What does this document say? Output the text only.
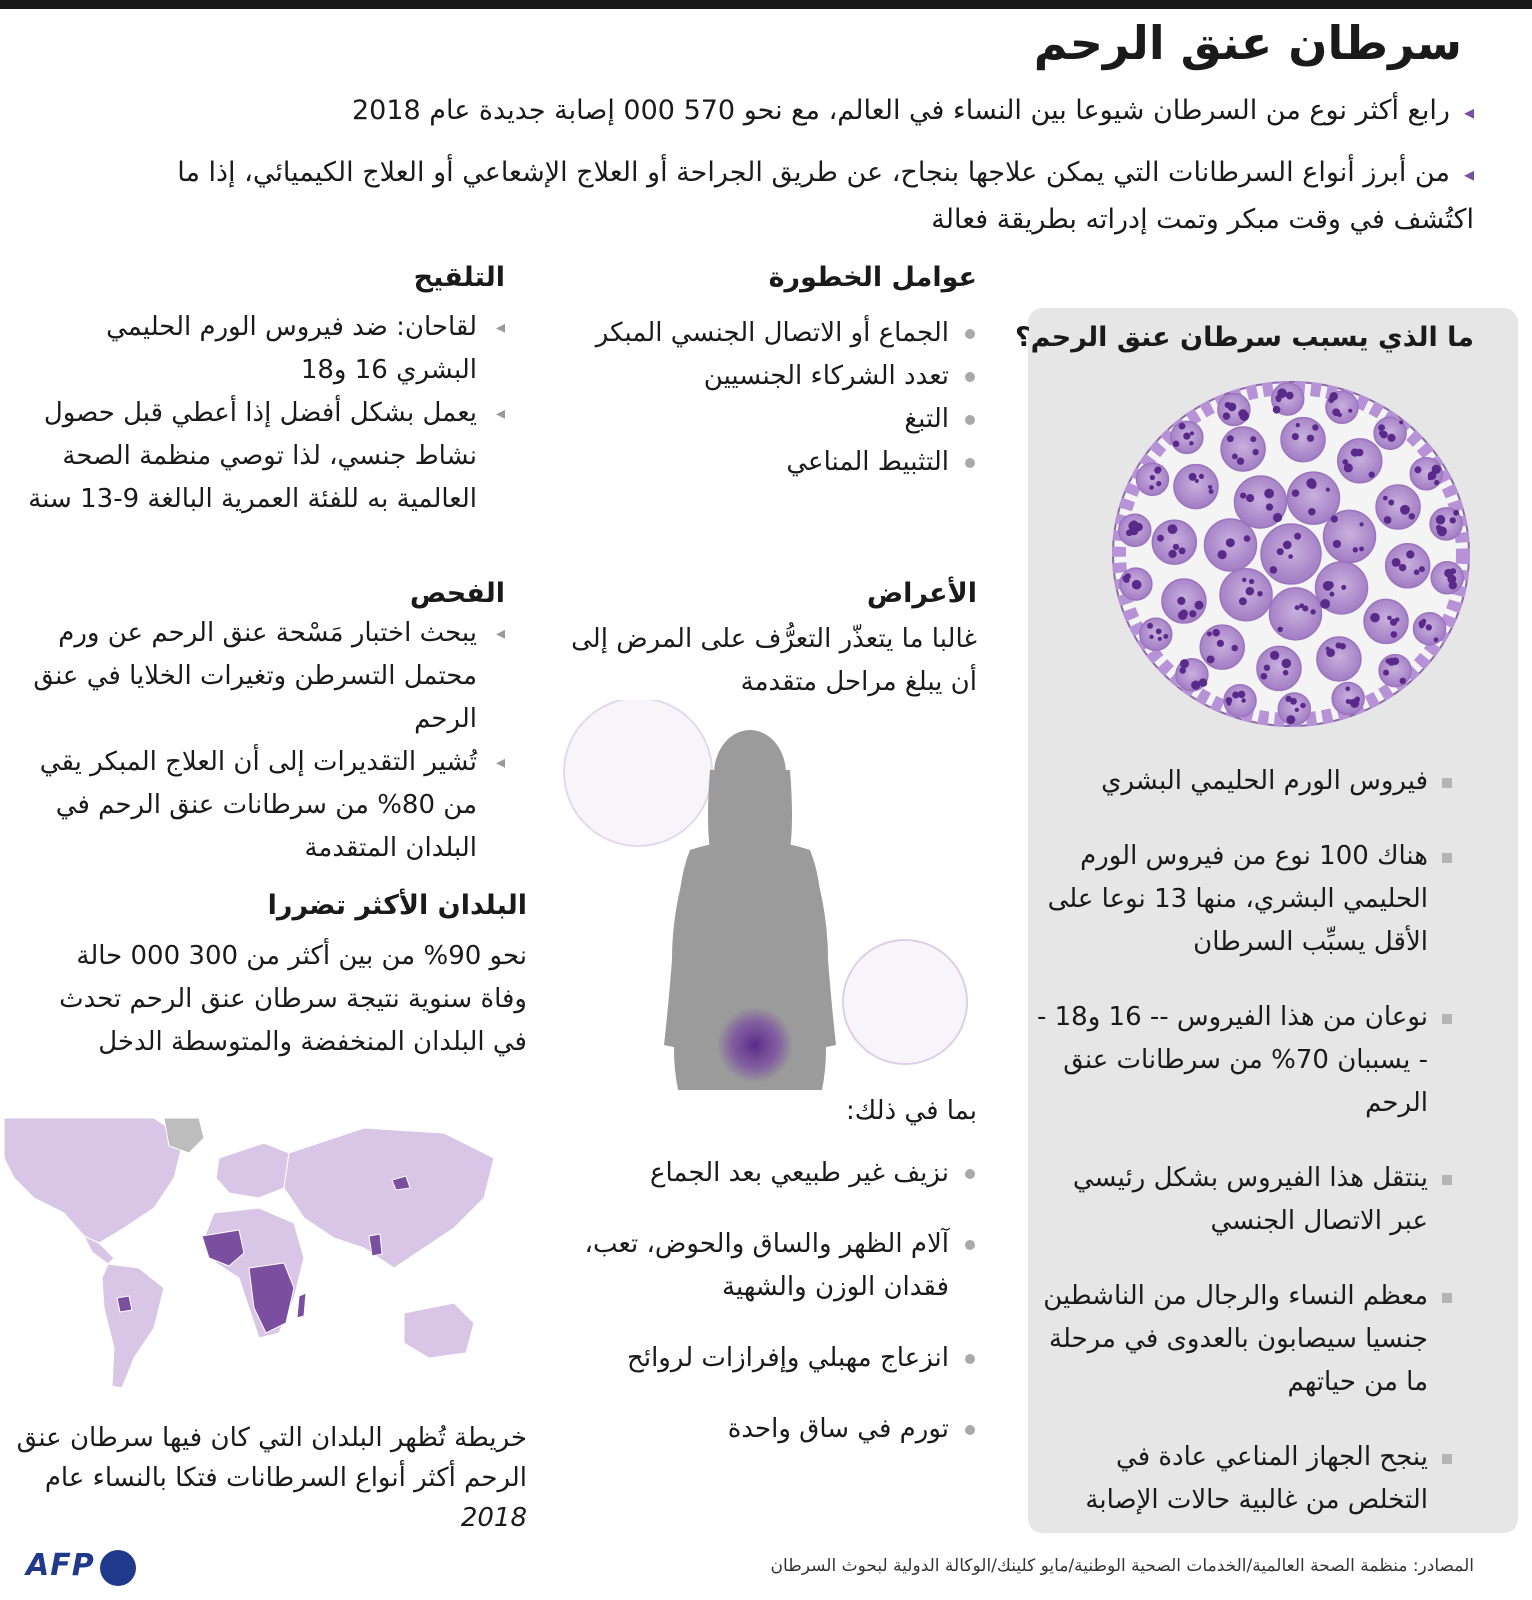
سرطان عنق الرحم
◂رابع أكثر نوع من السرطان شيوعا بين النساء في العالم، مع نحو 570 000 إصابة جديدة عام 2018
◂من أبرز أنواع السرطانات التي يمكن علاجها بنجاح، عن طريق الجراحة أو العلاج الإشعاعي أو العلاج الكيميائي، إذا ما اكتُشف في وقت مبكر وتمت إدراته بطريقة فعالة
ما الذي يسبب سرطان عنق الرحم؟
فيروس الورم الحليمي البشري
هناك 100 نوع من فيروس الورم الحليمي البشري، منها 13 نوعا على الأقل يسبِّب السرطان
نوعان من هذا الفيروس -- 16 و18 -- يسببان 70% من سرطانات عنق الرحم
ينتقل هذا الفيروس بشكل رئيسي عبر الاتصال الجنسي
معظم النساء والرجال من الناشطين جنسيا سيصابون بالعدوى في مرحلة ما من حياتهم
ينجح الجهاز المناعي عادة في التخلص من غالبية حالات الإصابة
عوامل الخطورة
الجماع أو الاتصال الجنسي المبكر
تعدد الشركاء الجنسيين
التبغ
التثبيط المناعي
الأعراض
غالبا ما يتعذّر التعرُّف على المرض إلى أن يبلغ مراحل متقدمة
بما في ذلك:
نزيف غير طبيعي بعد الجماع
آلام الظهر والساق والحوض، تعب، فقدان الوزن والشهية
انزعاج مهبلي وإفرازات لروائح
تورم في ساق واحدة
التلقيح
◂ لقاحان: ضد فيروس الورم الحليمي البشري 16 و18
◂ يعمل بشكل أفضل إذا أعطي قبل حصول نشاط جنسي، لذا توصي منظمة الصحة العالمية به للفئة العمرية البالغة 9-13 سنة
الفحص
◂ يبحث اختبار مَسْحة عنق الرحم عن ورم محتمل التسرطن وتغيرات الخلايا في عنق الرحم
◂ تُشير التقديرات إلى أن العلاج المبكر يقي من 80% من سرطانات عنق الرحم في البلدان المتقدمة
البلدان الأكثر تضررا
نحو 90% من بين أكثر من 300 000 حالة وفاة سنوية نتيجة سرطان عنق الرحم تحدث في البلدان المنخفضة والمتوسطة الدخل
خريطة تُظهر البلدان التي كان فيها سرطان عنق الرحم أكثر أنواع السرطانات فتكا بالنساء عام 2018
المصادر: منظمة الصحة العالمية/الخدمات الصحية الوطنية/مايو كلينك/الوكالة الدولية لبحوث السرطان
AFP
